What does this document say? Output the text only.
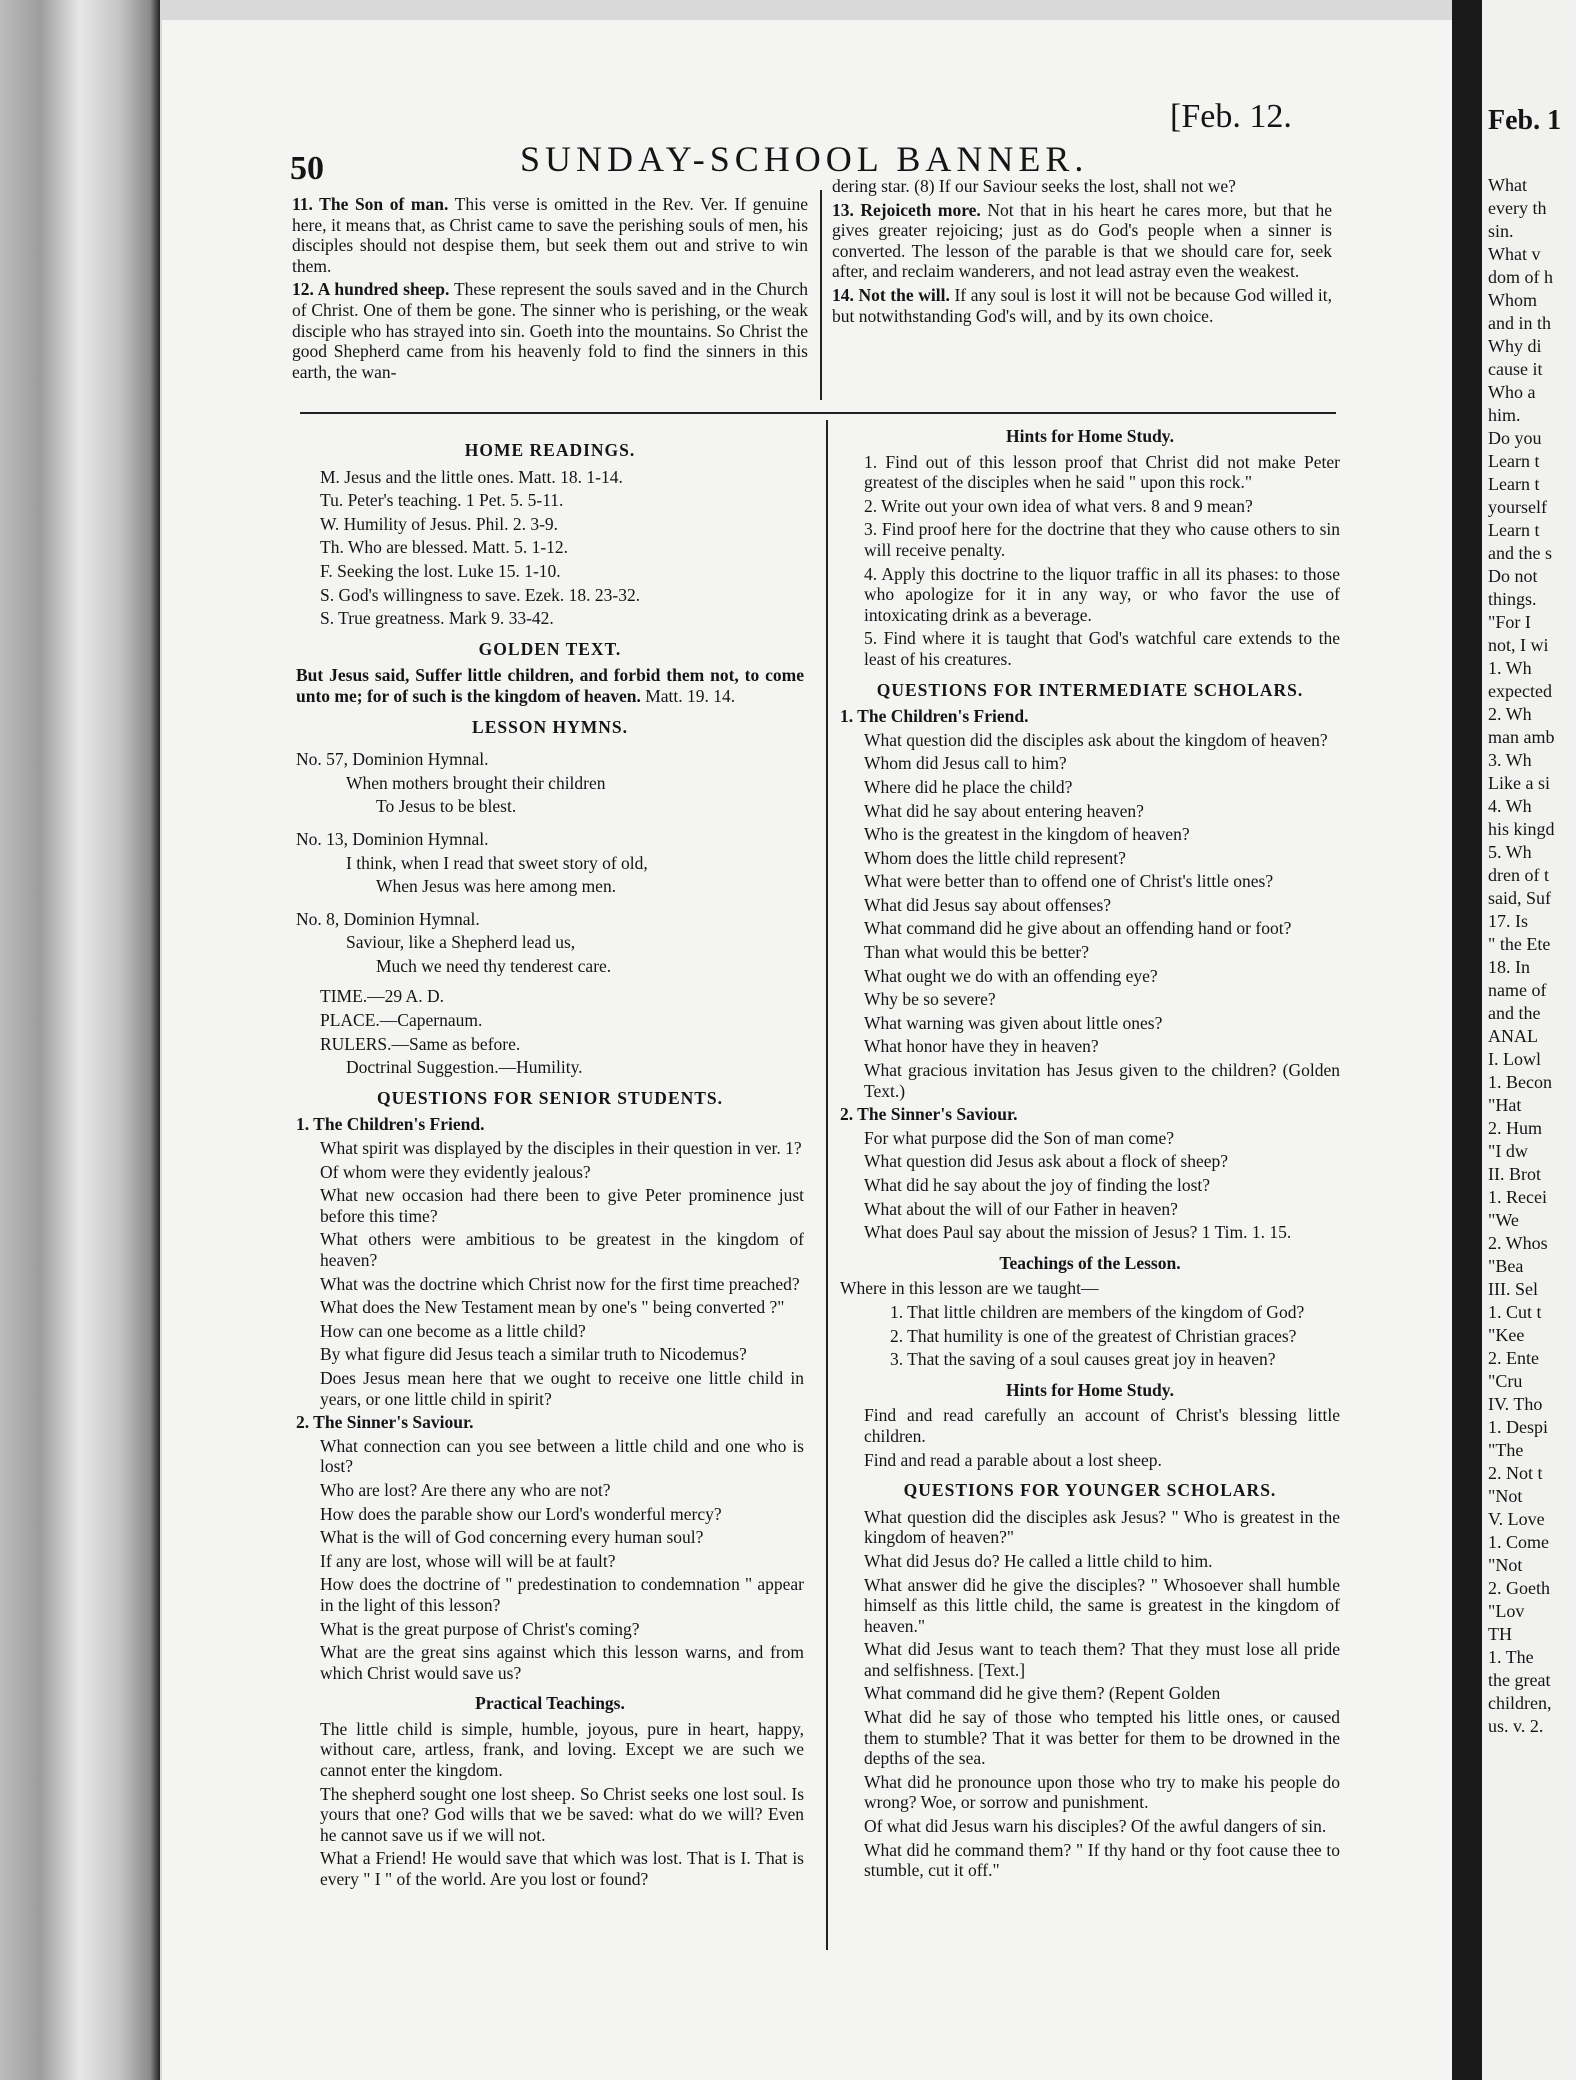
Feb. 1
What
every th
sin.
What v
dom of h
Whom
and in th
Why di
cause it
Who a
him.
Do you
Learn t
Learn t
yourself
Learn t
and the s
Do not
things.
"For I
not, I wi
1. Wh
expected
2. Wh
man amb
3. Wh
Like a si
4. Wh
his kingd
5. Wh
dren of t
said, Suf
17. Is
" the Ete
18. In
name of
and the
ANAL
I. Lowl
1. Becon
"Hat
2. Hum
"I dw
II. Brot
1. Recei
"We
2. Whos
"Bea
III. Sel
1. Cut t
"Kee
2. Ente
"Cru
IV. Tho
1. Despi
"The
2. Not t
"Not
V. Love
1. Come
"Not
2. Goeth
"Lov
TH
1. The
the great
children,
us. v. 2.
50	SUNDAY-SCHOOL BANNER.
[Feb. 12.

11. The Son of man. This verse is omitted in the Rev. Ver. If genuine here, it means that, as Christ came to save the perishing souls of men, his disciples should not despise them, but seek them out and strive to win them.

12. A hundred sheep. These represent the souls saved and in the Church of Christ. One of them be gone. The sinner who is perishing, or the weak disciple who has strayed into sin. Goeth into the mountains. So Christ the good Shepherd came from his heavenly fold to find the sinners in this earth, the wan-

dering star. (8) If our Saviour seeks the lost, shall not we?

13. Rejoiceth more. Not that in his heart he cares more, but that he gives greater rejoicing; just as do God's people when a sinner is converted. The lesson of the parable is that we should care for, seek after, and reclaim wanderers, and not lead astray even the weakest.

14. Not the will. If any soul is lost it will not be because God willed it, but notwithstanding God's will, and by its own choice.

HOME READINGS.

M. Jesus and the little ones. Matt. 18. 1-14.

Tu. Peter's teaching. 1 Pet. 5. 5-11.

W. Humility of Jesus. Phil. 2. 3-9.

Th. Who are blessed. Matt. 5. 1-12.

F. Seeking the lost. Luke 15. 1-10.

S. God's willingness to save. Ezek. 18. 23-32.

S. True greatness. Mark 9. 33-42.

GOLDEN TEXT.

But Jesus said, Suffer little children, and forbid them not, to come unto me; for of such is the kingdom of heaven. Matt. 19. 14.

LESSON HYMNS.

No. 57, Dominion Hymnal.

When mothers brought their children

To Jesus to be blest.

No. 13, Dominion Hymnal.

I think, when I read that sweet story of old,

When Jesus was here among men.

No. 8, Dominion Hymnal.

Saviour, like a Shepherd lead us,

Much we need thy tenderest care.

TIME.—29 A. D.

PLACE.—Capernaum.

RULERS.—Same as before.

Doctrinal Suggestion.—Humility.

QUESTIONS FOR SENIOR STUDENTS.

1. The Children's Friend.

What spirit was displayed by the disciples in their question in ver. 1?

Of whom were they evidently jealous?

What new occasion had there been to give Peter prominence just before this time?

What others were ambitious to be greatest in the kingdom of heaven?

What was the doctrine which Christ now for the first time preached?

What does the New Testament mean by one's " being converted ?"

How can one become as a little child?

By what figure did Jesus teach a similar truth to Nicodemus?

Does Jesus mean here that we ought to receive one little child in years, or one little child in spirit?

2. The Sinner's Saviour.

What connection can you see between a little child and one who is lost?

Who are lost? Are there any who are not?

How does the parable show our Lord's wonderful mercy?

What is the will of God concerning every human soul?

If any are lost, whose will will be at fault?

How does the doctrine of " predestination to condemnation " appear in the light of this lesson?

What is the great purpose of Christ's coming?

What are the great sins against which this lesson warns, and from which Christ would save us?

Practical Teachings.

The little child is simple, humble, joyous, pure in heart, happy, without care, artless, frank, and loving. Except we are such we cannot enter the kingdom.

The shepherd sought one lost sheep. So Christ seeks one lost soul. Is yours that one? God wills that we be saved: what do we will? Even he cannot save us if we will not.

What a Friend! He would save that which was lost. That is I. That is every " I " of the world. Are you lost or found?

Hints for Home Study.

1. Find out of this lesson proof that Christ did not make Peter greatest of the disciples when he said " upon this rock."

2. Write out your own idea of what vers. 8 and 9 mean?

3. Find proof here for the doctrine that they who cause others to sin will receive penalty.

4. Apply this doctrine to the liquor traffic in all its phases: to those who apologize for it in any way, or who favor the use of intoxicating drink as a beverage.

5. Find where it is taught that God's watchful care extends to the least of his creatures.

QUESTIONS FOR INTERMEDIATE SCHOLARS.

1. The Children's Friend.

What question did the disciples ask about the kingdom of heaven?

Whom did Jesus call to him?

Where did he place the child?

What did he say about entering heaven?

Who is the greatest in the kingdom of heaven?

Whom does the little child represent?

What were better than to offend one of Christ's little ones?

What did Jesus say about offenses?

What command did he give about an offending hand or foot?

Than what would this be better?

What ought we do with an offending eye?

Why be so severe?

What warning was given about little ones?

What honor have they in heaven?

What gracious invitation has Jesus given to the children? (Golden Text.)

2. The Sinner's Saviour.

For what purpose did the Son of man come?

What question did Jesus ask about a flock of sheep?

What did he say about the joy of finding the lost?

What about the will of our Father in heaven?

What does Paul say about the mission of Jesus? 1 Tim. 1. 15.

Teachings of the Lesson.

Where in this lesson are we taught—

1. That little children are members of the kingdom of God?

2. That humility is one of the greatest of Christian graces?

3. That the saving of a soul causes great joy in heaven?

Hints for Home Study.

Find and read carefully an account of Christ's blessing little children.

Find and read a parable about a lost sheep.

QUESTIONS FOR YOUNGER SCHOLARS.

What question did the disciples ask Jesus? " Who is greatest in the kingdom of heaven?"

What did Jesus do? He called a little child to him.

What answer did he give the disciples? " Whosoever shall humble himself as this little child, the same is greatest in the kingdom of heaven."

What did Jesus want to teach them? That they must lose all pride and selfishness. [Text.]

What command did he give them? (Repent Golden

What did he say of those who tempted his little ones, or caused them to stumble? That it was better for them to be drowned in the depths of the sea.

What did he pronounce upon those who try to make his people do wrong? Woe, or sorrow and punishment.

Of what did Jesus warn his disciples? Of the awful dangers of sin.

What did he command them? " If thy hand or thy foot cause thee to stumble, cut it off."
